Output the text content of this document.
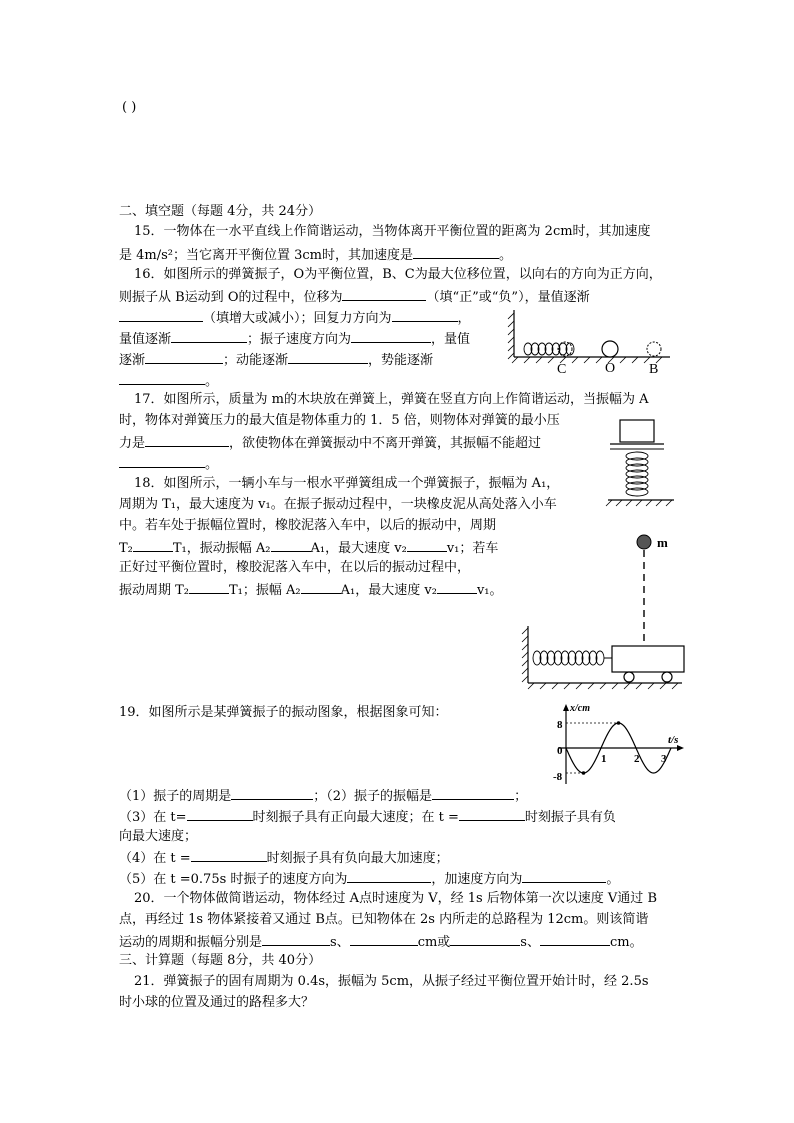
( )
二、填空题（每题 4分，共 24分）
15．一物体在一水平直线上作简谐运动，当物体离开平衡位置的距离为 2cm时，其加速度
是 4m/s²；当它离开平衡位置 3cm时，其加速度是	。
16．如图所示的弹簧振子，O为平衡位置，B、C为最大位移位置，以向右的方向为正方向，
则振子从 B运动到 O的过程中，位移为	（填“正”或“负”），量值逐渐
（填增大或减小）；回复力方向为	，
量值逐渐	；振子速度方向为	，量值
逐渐	；动能逐渐	，势能逐渐
。
C	O B
17．如图所示，质量为 m的木块放在弹簧上，弹簧在竖直方向上作简谐运动，当振幅为 A
时，物体对弹簧压力的最大值是物体重力的 1．5 倍，则物体对弹簧的最小压
力是	，欲使物体在弹簧振动中不离开弹簧，其振幅不能超过
。
18．如图所示，一辆小车与一根水平弹簧组成一个弹簧振子，振幅为 A₁，
周期为 T₁，最大速度为 v₁。在振子振动过程中，一块橡皮泥从高处落入小车
中。若车处于振幅位置时，橡胶泥落入车中，以后的振动中，周期
T₂	T₁，振动振幅 A₂	A₁，最大速度 v₂	v₁；若车
正好过平衡位置时，橡胶泥落入车中，在以后的振动过程中，
振动周期 T₂	T₁；振幅 A₂	A₁，最大速度 v₂	v₁。
m
19．如图所示是某弹簧振子的振动图象，根据图象可知：	x/cm
t/s
8
0
-8
1	2 3
（1）振子的周期是	；（2）振子的振幅是	；
（3）在 t=	时刻振子具有正向最大速度；在 t =	时刻振子具有负
向最大速度；
（4）在 t =	时刻振子具有负向最大加速度；
（5）在 t =0.75s 时振子的速度方向为	，加速度方向为	。
20．一个物体做简谐运动，物体经过 A点时速度为 V，经 1s 后物体第一次以速度 V通过 B
点，再经过 1s 物体紧接着又通过 B点。已知物体在 2s 内所走的总路程为 12cm。则该简谐
运动的周期和振幅分别是	s、	cm或	s、	cm。
三、计算题（每题 8分，共 40分）
21．弹簧振子的固有周期为 0.4s，振幅为 5cm，从振子经过平衡位置开始计时，经 2.5s
时小球的位置及通过的路程多大？
